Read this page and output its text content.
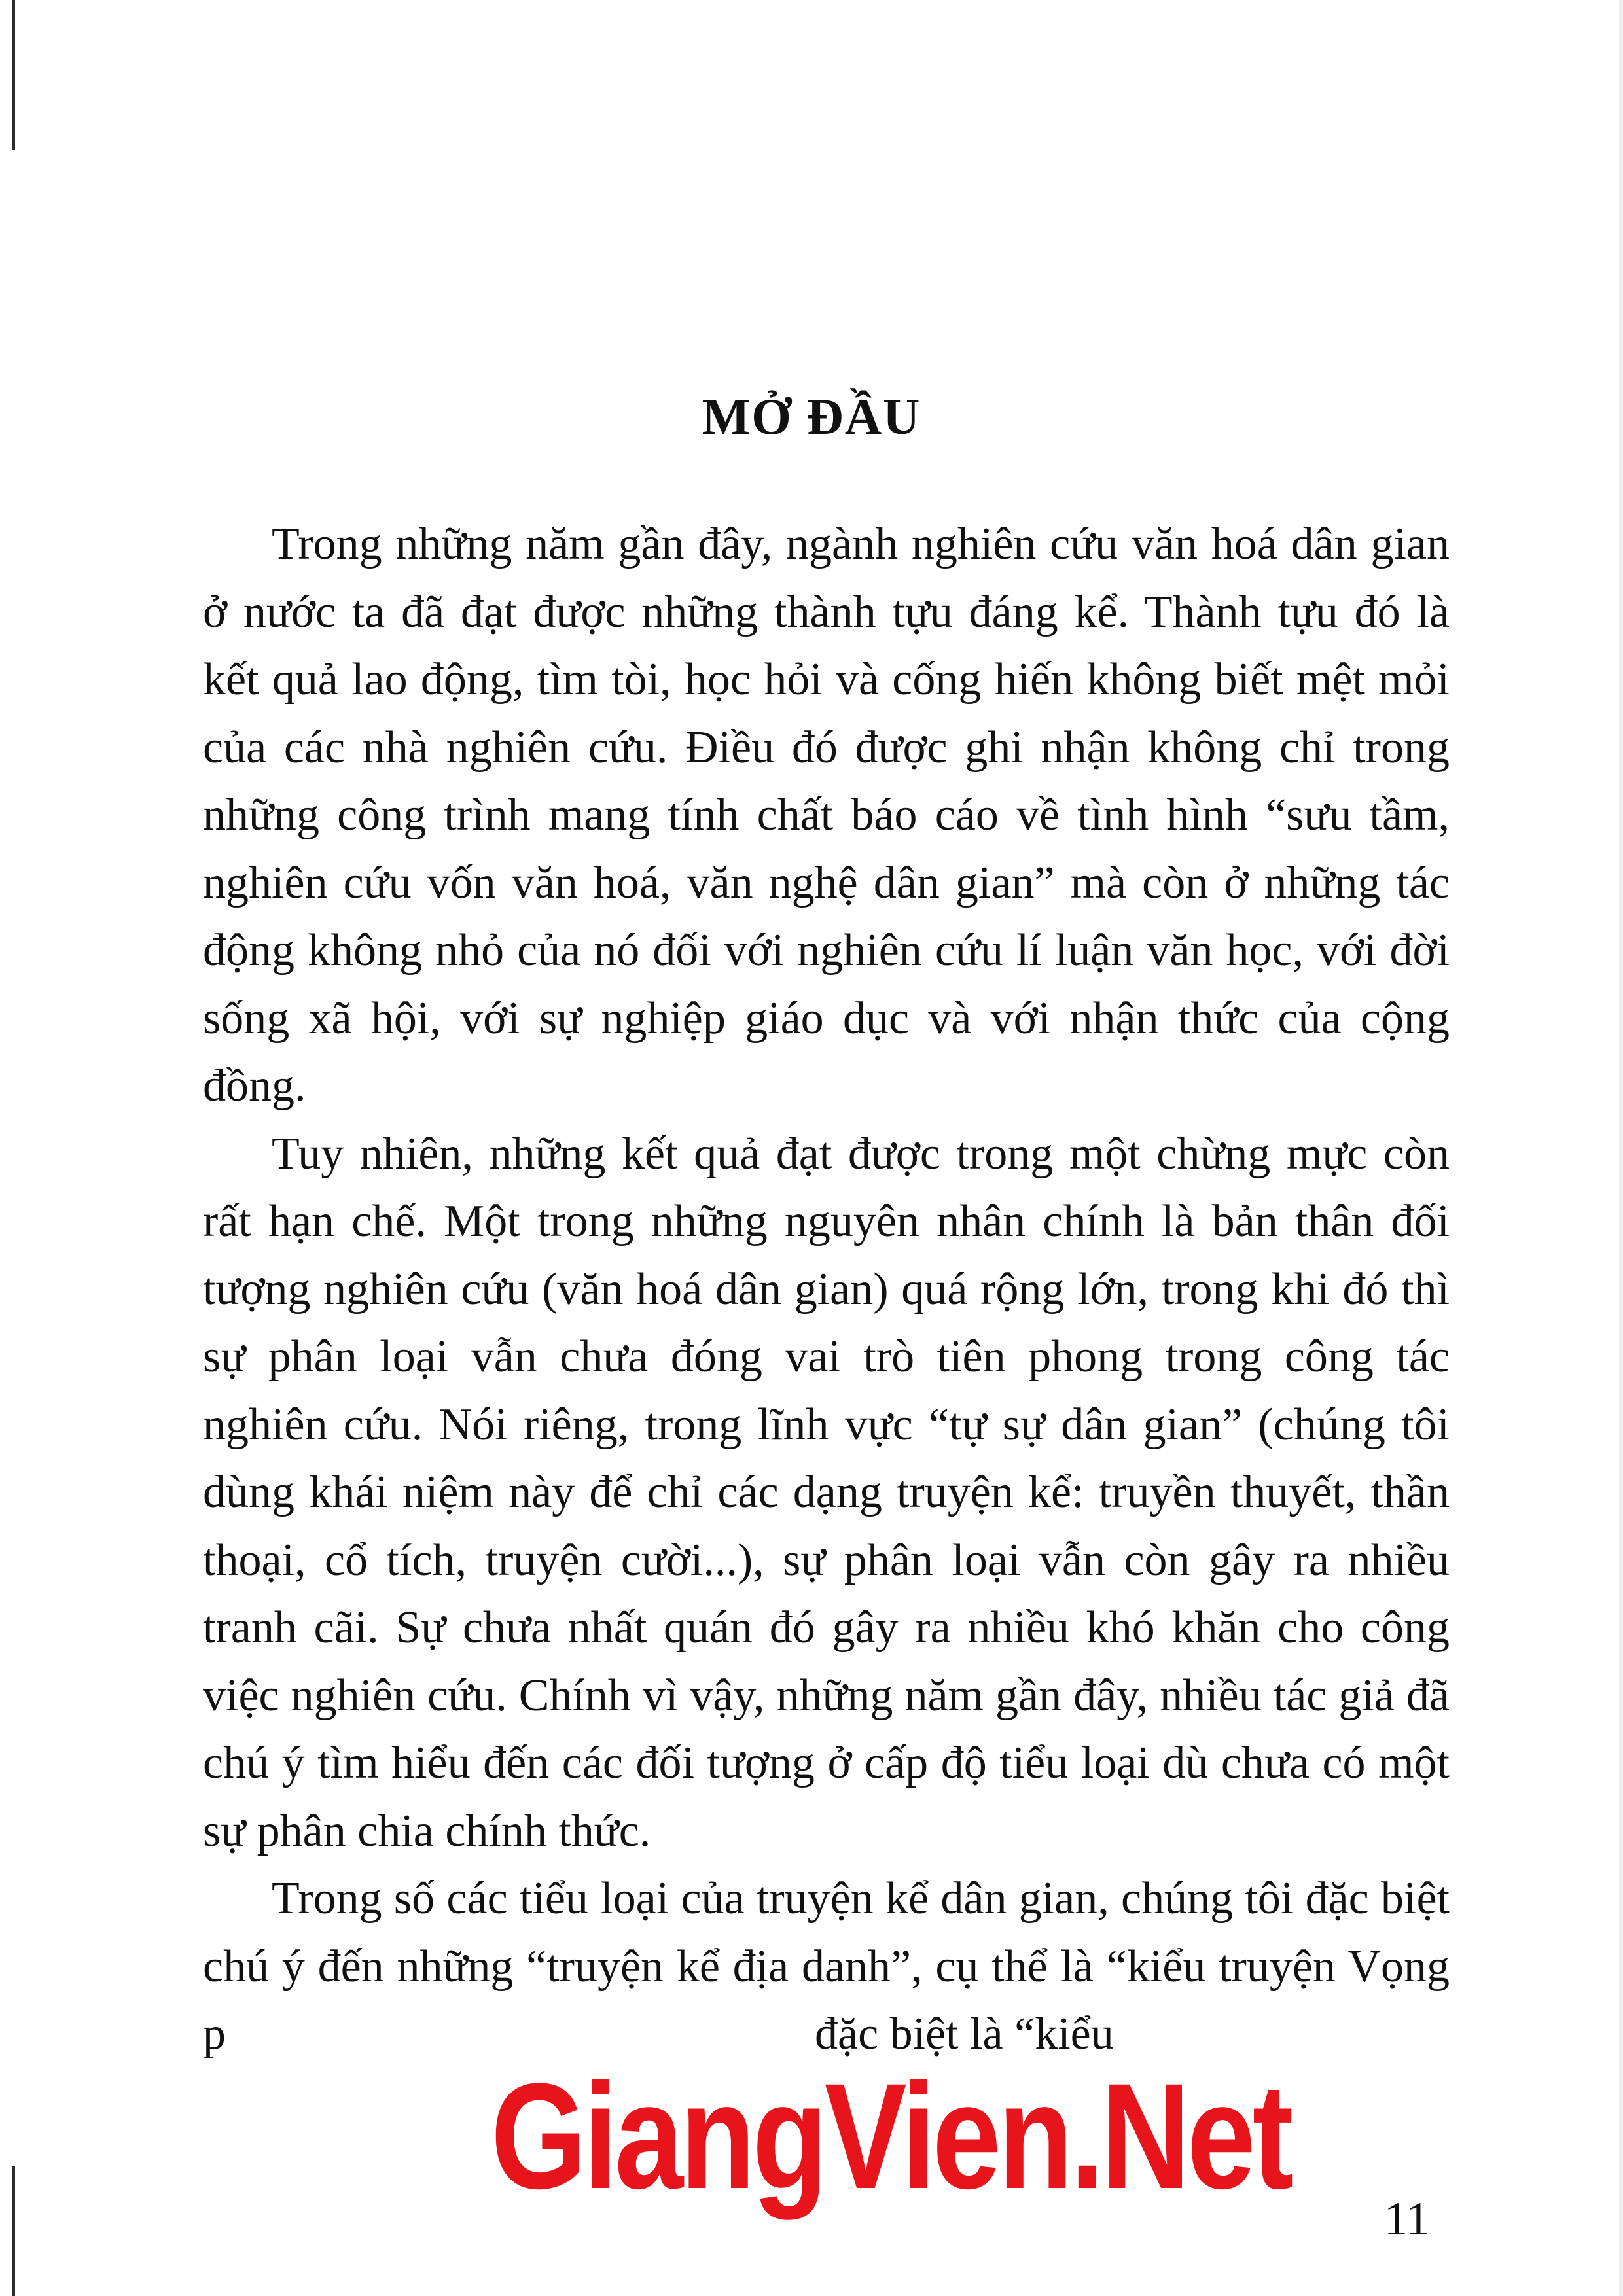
MỞ ĐẦU

Trong những năm gần đây, ngành nghiên cứu văn hoá dân gian ở nước ta đã đạt được những thành tựu đáng kể. Thành tựu đó là kết quả lao động, tìm tòi, học hỏi và cống hiến không biết mệt mỏi của các nhà nghiên cứu. Điều đó được ghi nhận không chỉ trong những công trình mang tính chất báo cáo về tình hình “sưu tầm, nghiên cứu vốn văn hoá, văn nghệ dân gian” mà còn ở những tác động không nhỏ của nó đối với nghiên cứu lí luận văn học, với đời sống xã hội, với sự nghiệp giáo dục và với nhận thức của cộng đồng.

Tuy nhiên, những kết quả đạt được trong một chừng mực còn rất hạn chế. Một trong những nguyên nhân chính là bản thân đối tượng nghiên cứu (văn hoá dân gian) quá rộng lớn, trong khi đó thì sự phân loại vẫn chưa đóng vai trò tiên phong trong công tác nghiên cứu. Nói riêng, trong lĩnh vực “tự sự dân gian” (chúng tôi dùng khái niệm này để chỉ các dạng truyện kể: truyền thuyết, thần thoại, cổ tích, truyện cười...), sự phân loại vẫn còn gây ra nhiều tranh cãi. Sự chưa nhất quán đó gây ra nhiều khó khăn cho công việc nghiên cứu. Chính vì vậy, những năm gần đây, nhiều tác giả đã chú ý tìm hiểu đến các đối tượng ở cấp độ tiểu loại dù chưa có một sự phân chia chính thức.

Trong số các tiểu loại của truyện kể dân gian, chúng tôi đặc biệt chú ý đến những “truyện kể địa danh”, cụ thể là “kiểu truyện Vọng p	đặc biệt là “kiểu

GiangVien.Net 11
